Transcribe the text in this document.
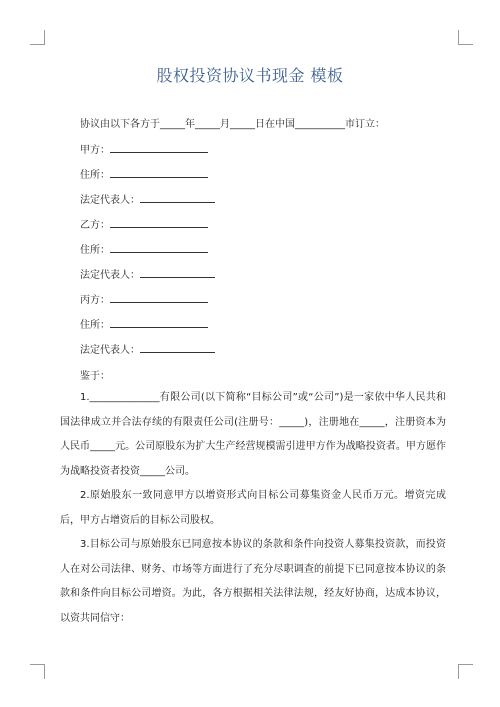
股权投资协议书现金 模板
协议由以下各方于_____年_____月_____日在中国__________市订立：
甲方：
住所：
法定代表人：
乙方：
住所：
法定代表人：
丙方：
住所：
法定代表人：
鉴于：
1.______________有限公司(以下简称“目标公司”或“公司”)是一家依中华人民共和国法律成立并合法存续的有限责任公司(注册号：_____)，注册地在_____，注册资本为人民币_____元。公司原股东为扩大生产经营规模需引进甲方作为战略投资者。甲方愿作为战略投资者投资_____公司。
2.原始股东一致同意甲方以增资形式向目标公司募集资金人民币万元。增资完成后，甲方占增资后的目标公司股权。
3.目标公司与原始股东已同意按本协议的条款和条件向投资人募集投资款，而投资人在对公司法律、财务、市场等方面进行了充分尽职调查的前提下已同意按本协议的条款和条件向目标公司增资。为此，各方根据相关法律法规，经友好协商，达成本协议，以资共同信守：
